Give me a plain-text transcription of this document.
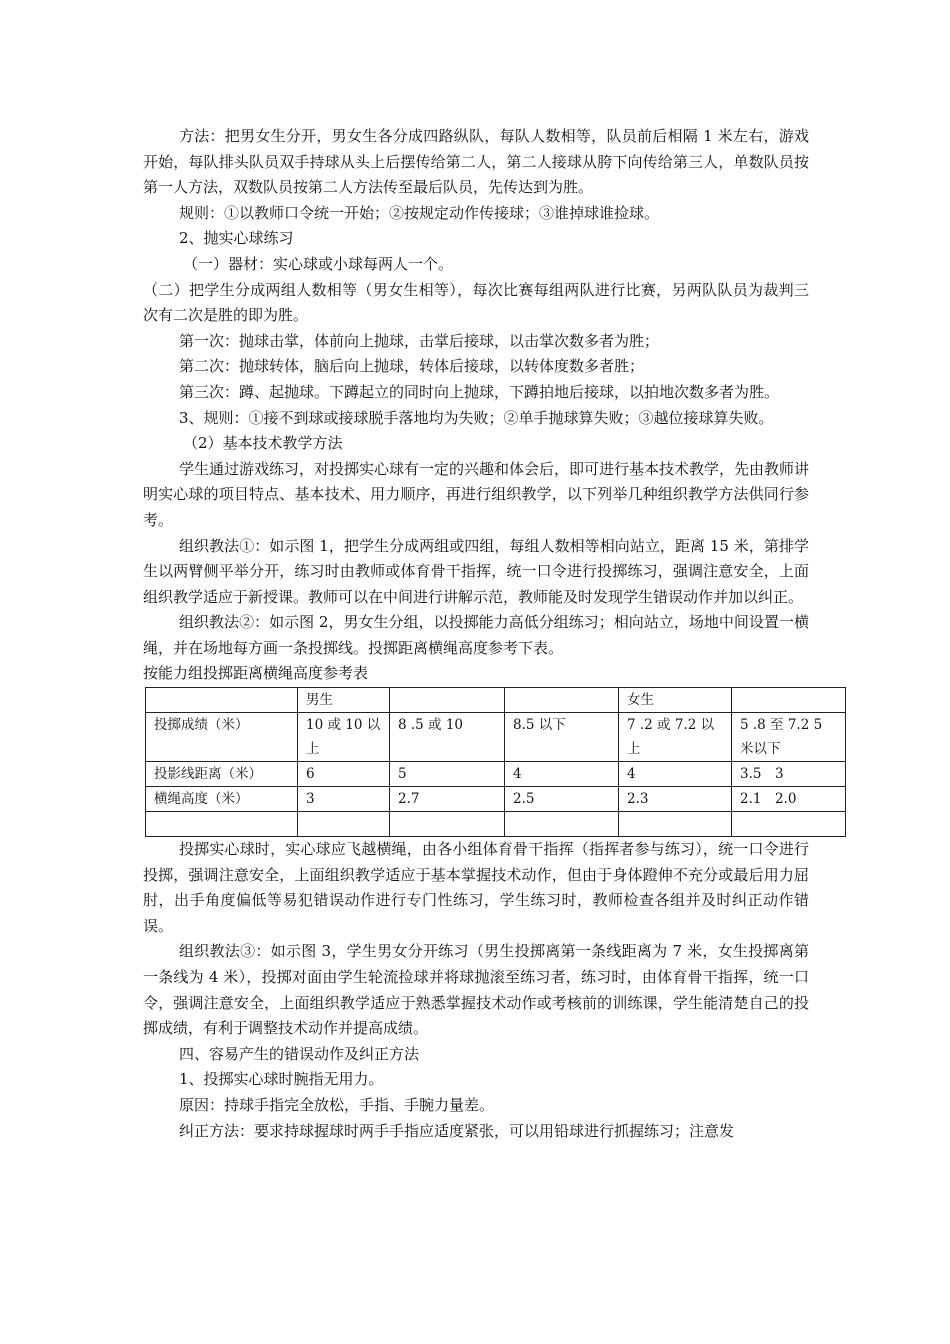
方法：把男女生分开，男女生各分成四路纵队，每队人数相等，队员前后相隔 1 米左右，游戏开始，每队排头队员双手持球从头上后摆传给第二人，第二人接球从胯下向传给第三人，单数队员按第一人方法，双数队员按第二人方法传至最后队员，先传达到为胜。

规则：①以教师口令统一开始；②按规定动作传接球；③谁掉球谁捡球。

2、抛实心球练习

（一）器材：实心球或小球每两人一个。

（二）把学生分成两组人数相等（男女生相等），每次比赛每组两队进行比赛，另两队队员为裁判三次有二次是胜的即为胜。

第一次：抛球击掌，体前向上抛球，击掌后接球，以击掌次数多者为胜；

第二次：抛球转体，脑后向上抛球，转体后接球，以转体度数多者胜；

第三次：蹲、起抛球。下蹲起立的同时向上抛球，下蹲拍地后接球，以拍地次数多者为胜。

3、规则：①接不到球或接球脱手落地均为失败；②单手抛球算失败；③越位接球算失败。

（2）基本技术教学方法

学生通过游戏练习，对投掷实心球有一定的兴趣和体会后，即可进行基本技术教学，先由教师讲明实心球的项目特点、基本技术、用力顺序，再进行组织教学，以下列举几种组织教学方法供同行参考。

组织教法①：如示图 1，把学生分成两组或四组，每组人数相等相向站立，距离 15 米，第排学生以两臂侧平举分开，练习时由教师或体育骨干指挥，统一口令进行投掷练习，强调注意安全，上面组织教学适应于新授课。教师可以在中间进行讲解示范，教师能及时发现学生错误动作并加以纠正。

组织教法②：如示图 2，男女生分组，以投掷能力高低分组练习；相向站立，场地中间设置一横绳，并在场地每方画一条投掷线。投掷距离横绳高度参考下表。

按能力组投掷距离横绳高度参考表

	男生			女生	
投掷成绩（米）	10 或 10 以上	8 .5 或 10	8.5 以下	7 .2 或 7.2 以上	5 .8 至 7.2 5 米以下
投影线距离（米）	6	5	4	4	3.5　3
横绳高度（米）	3	2.7	2.5	2.3	2.1　2.0

投掷实心球时，实心球应飞越横绳，由各小组体育骨干指挥（指挥者参与练习），统一口令进行投掷，强调注意安全，上面组织教学适应于基本掌握技术动作，但由于身体蹬伸不充分或最后用力屈肘，出手角度偏低等易犯错误动作进行专门性练习，学生练习时，教师检查各组并及时纠正动作错误。

组织教法③：如示图 3，学生男女分开练习（男生投掷离第一条线距离为 7 米，女生投掷离第一条线为 4 米），投掷对面由学生轮流捡球并将球抛滚至练习者，练习时，由体育骨干指挥，统一口令，强调注意安全，上面组织教学适应于熟悉掌握技术动作或考核前的训练课，学生能清楚自己的投掷成绩，有利于调整技术动作并提高成绩。

四、容易产生的错误动作及纠正方法

1、投掷实心球时腕指无用力。

原因：持球手指完全放松，手指、手腕力量差。

纠正方法：要求持球握球时两手手指应适度紧张，可以用铅球进行抓握练习；注意发
